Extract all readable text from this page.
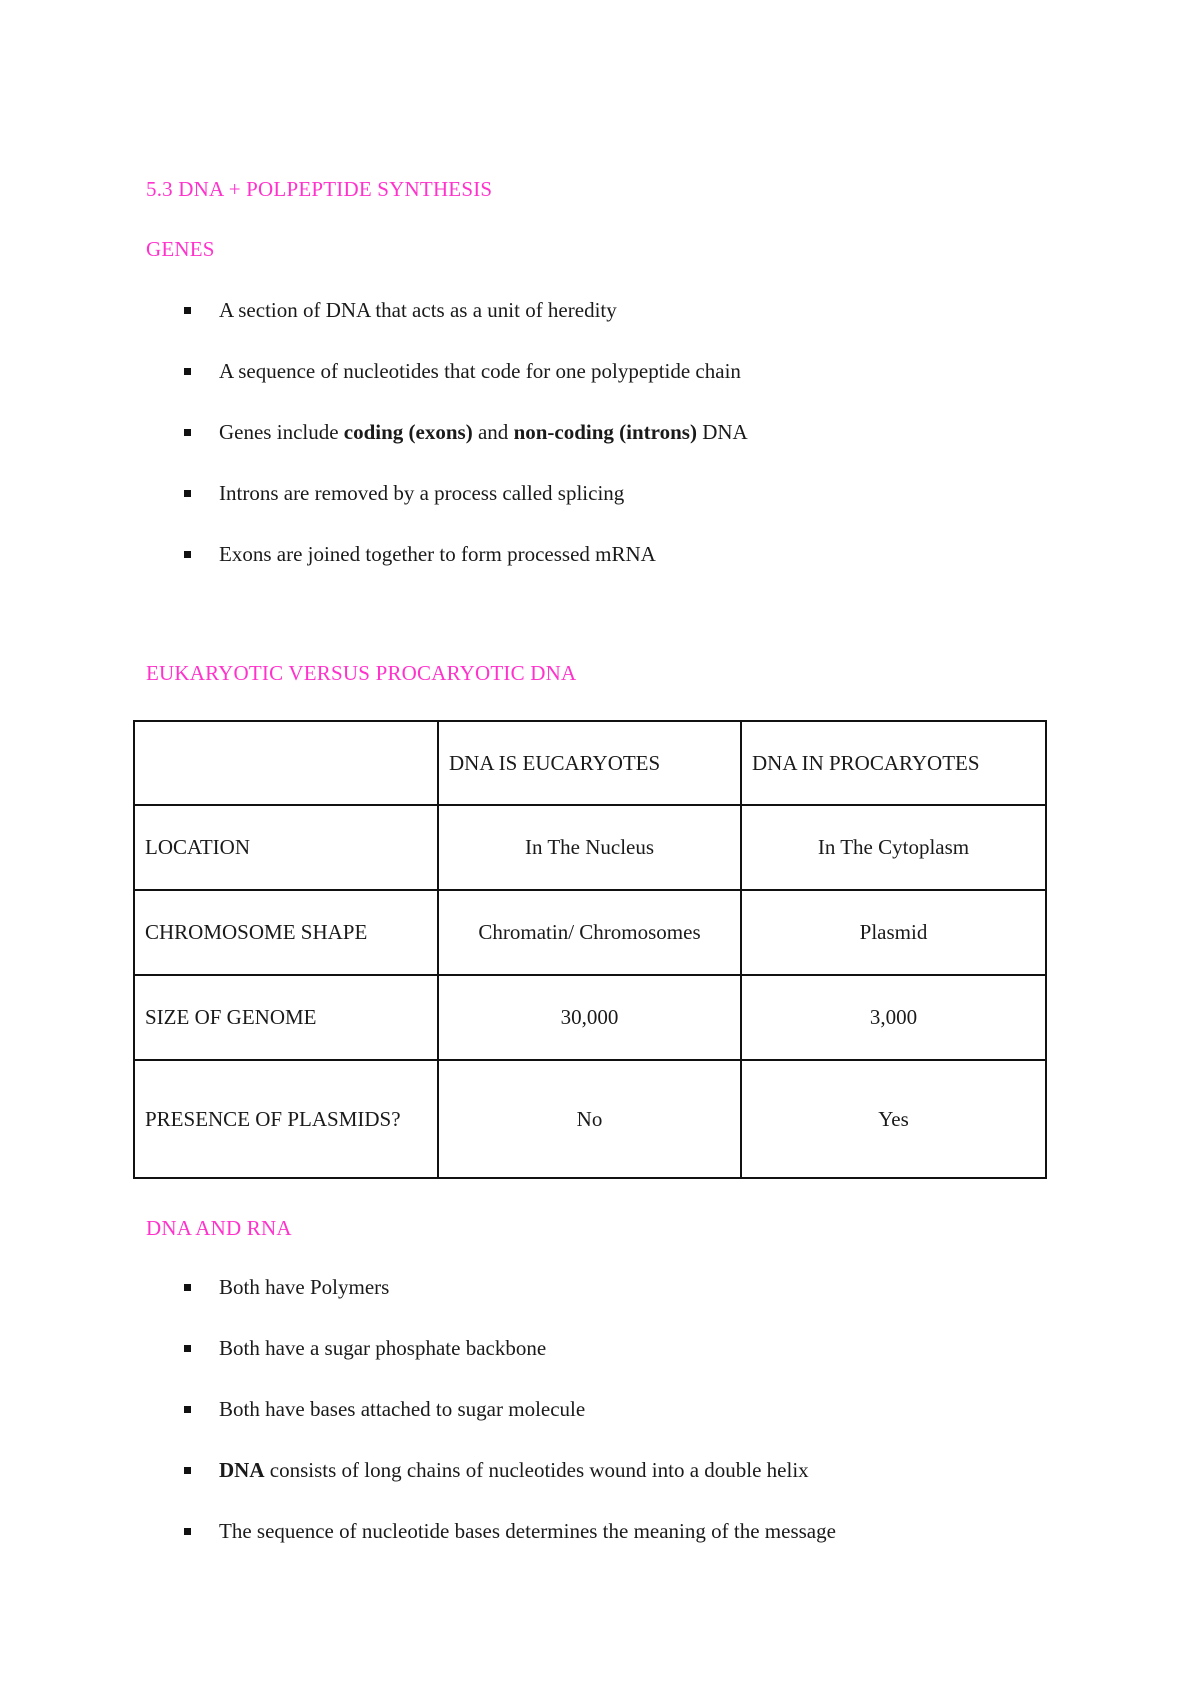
5.3 DNA + POLPEPTIDE SYNTHESIS
GENES
A section of DNA that acts as a unit of heredity
A sequence of nucleotides that code for one polypeptide chain
Genes include coding (exons) and non-coding (introns) DNA
Introns are removed by a process called splicing
Exons are joined together to form processed mRNA
EUKARYOTIC VERSUS PROCARYOTIC DNA
	DNA IS EUCARYOTES	DNA IN PROCARYOTES
LOCATION	In The Nucleus	In The Cytoplasm
CHROMOSOME SHAPE	Chromatin/ Chromosomes	Plasmid
SIZE OF GENOME	30,000	3,000
PRESENCE OF PLASMIDS?	No	Yes
DNA AND RNA
Both have Polymers
Both have a sugar phosphate backbone
Both have bases attached to sugar molecule
DNA consists of long chains of nucleotides wound into a double helix
The sequence of nucleotide bases determines the meaning of the message
